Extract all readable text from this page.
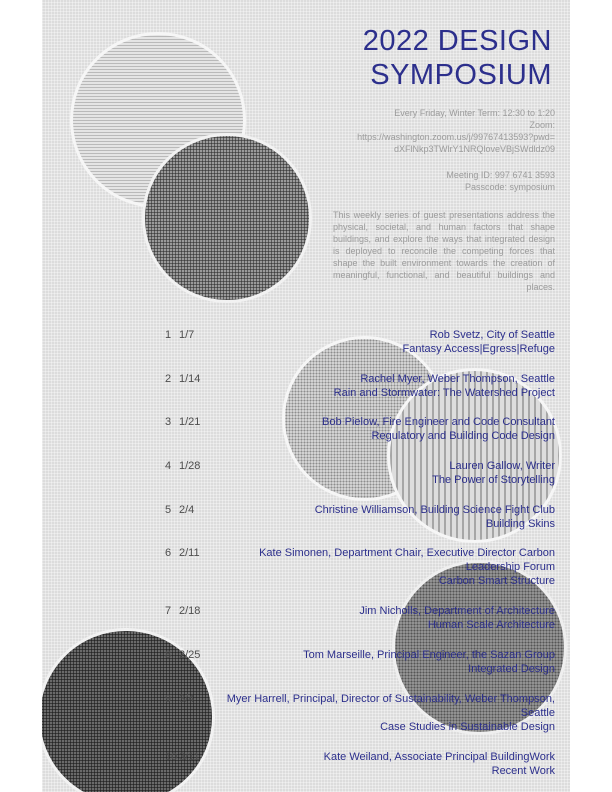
2022 DESIGN
SYMPOSIUM
Every Friday, Winter Term: 12:30 to 1:20
Zoom:
https://washington.zoom.us/j/99767413593?pwd=dXFlNkp3TWlrY1NRQloveVBjSWdldz09
Meeting ID: 997 6741 3593
Passcode: symposium
This weekly series of guest presentations address the physical, societal, and human factors that shape buildings, and explore the ways that integrated design is deployed to reconcile the competing forces that shape the built environment towards the creation of meaningful, functional, and beautiful buildings and places.
1 1/7	Rob Svetz, City of Seattle
Fantasy Access|Egress|Refuge
2 1/14	Rachel Myer, Weber Thompson, Seattle
Rain and Stormwater: The Watershed Project
3 1/21	Bob Pielow, Fire Engineer and Code Consultant
Regulatory and Building Code Design
4 1/28	Lauren Gallow, Writer
The Power of Storytelling
5 2/4	Christine Williamson, Building Science Fight Club
Building Skins
6 2/11	Kate Simonen, Department Chair, Executive Director Carbon Leadership Forum
Carbon Smart Structure
7 2/18	Jim Nicholls, Department of Architecture
Human Scale Architecture
8 2/25	Tom Marseille, Principal Engineer, the Sazan Group
Integrated Design
9 3/4	Myer Harrell, Principal, Director of Sustainability, Weber Thompson, Seattle
Case Studies in Sustainable Design
10 3/11	Kate Weiland, Associate Principal BuildingWork
Recent Work
